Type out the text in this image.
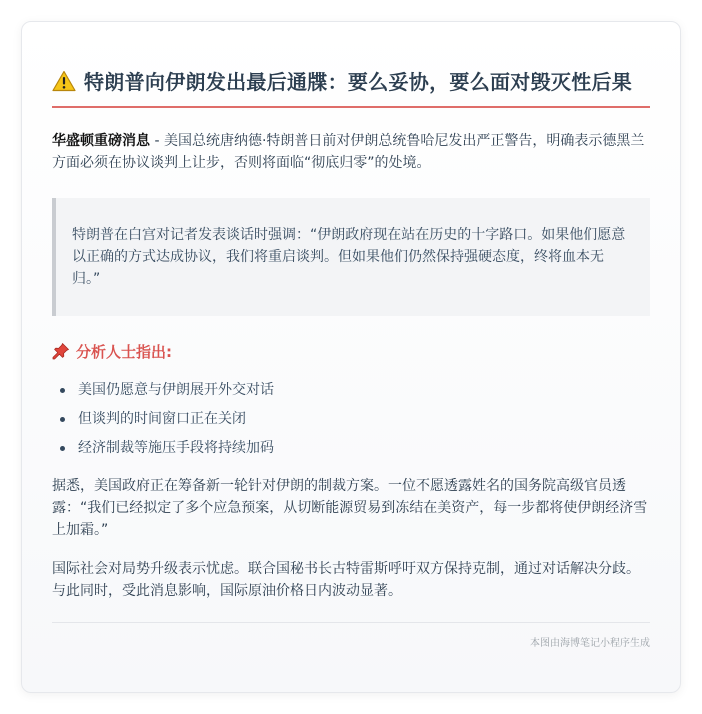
特朗普向伊朗发出最后通牒：要么妥协，要么面对毁灭性后果
华盛顿重磅消息 - 美国总统唐纳德·特朗普日前对伊朗总统鲁哈尼发出严正警告，明确表示德黑兰方面必须在协议谈判上让步，否则将面临“彻底归零”的处境。
特朗普在白宫对记者发表谈话时强调：“伊朗政府现在站在历史的十字路口。如果他们愿意以正确的方式达成协议，我们将重启谈判。但如果他们仍然保持强硬态度，终将血本无归。”
分析人士指出:
美国仍愿意与伊朗展开外交对话
但谈判的时间窗口正在关闭
经济制裁等施压手段将持续加码
据悉，美国政府正在筹备新一轮针对伊朗的制裁方案。一位不愿透露姓名的国务院高级官员透露：“我们已经拟定了多个应急预案，从切断能源贸易到冻结在美资产，每一步都将使伊朗经济雪上加霜。”
国际社会对局势升级表示忧虑。联合国秘书长古特雷斯呼吁双方保持克制，通过对话解决分歧。与此同时，受此消息影响，国际原油价格日内波动显著。
本图由海博笔记小程序生成
